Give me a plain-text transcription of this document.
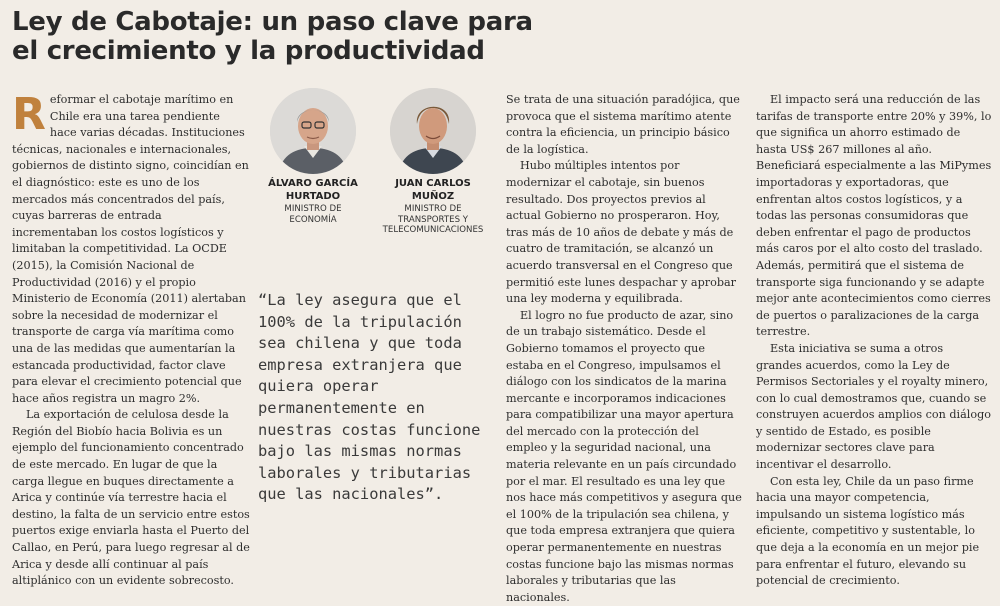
Ley de Cabotaje: un paso clave para
el crecimiento y la productividad

Reformar el cabotaje marítimo en Chile era una tarea pendiente hace varias décadas. Instituciones técnicas, nacionales e internacionales, gobiernos de distinto signo, coincidían en el diagnóstico: este es uno de los mercados más concentrados del país, cuyas barreras de entrada incrementaban los costos logísticos y limitaban la competitividad. La OCDE (2015), la Comisión Nacional de Productividad (2016) y el propio Ministerio de Economía (2011) alertaban sobre la necesidad de modernizar el transporte de carga vía marítima como una de las medidas que aumentarían la estancada productividad, factor clave para elevar el crecimiento potencial que hace años registra un magro 2%.

La exportación de celulosa desde la Región del Biobío hacia Bolivia es un ejemplo del funcionamiento concentrado de este mercado. En lugar de que la carga llegue en buques directamente a Arica y continúe vía terrestre hacia el destino, la falta de un servicio entre estos puertos exige enviarla hasta el Puerto del Callao, en Perú, para luego regresar al de Arica y desde allí continuar al país altiplánico con un evidente sobrecosto.

ÁLVARO GARCÍA
HURTADO
MINISTRO DE
ECONOMÍA
JUAN CARLOS
MUÑOZ
MINISTRO DE
TRANSPORTES Y
TELECOMUNICACIONES
“La ley asegura que el 100% de la tripulación sea chilena y que toda empresa extranjera que quiera operar permanentemente en nuestras costas funcione bajo las mismas normas laborales y tributarias que las nacionales”.

Se trata de una situación paradójica, que provoca que el sistema marítimo atente contra la eficiencia, un principio básico de la logística.

Hubo múltiples intentos por modernizar el cabotaje, sin buenos resultado. Dos proyectos previos al actual Gobierno no prosperaron. Hoy, tras más de 10 años de debate y más de cuatro de tramitación, se alcanzó un acuerdo transversal en el Congreso que permitió este lunes despachar y aprobar una ley moderna y equilibrada.

El logro no fue producto de azar, sino de un trabajo sistemático. Desde el Gobierno tomamos el proyecto que estaba en el Congreso, impulsamos el diálogo con los sindicatos de la marina mercante e incorporamos indicaciones para compatibilizar una mayor apertura del mercado con la protección del empleo y la seguridad nacional, una materia relevante en un país circundado por el mar. El resultado es una ley que nos hace más competitivos y asegura que el 100% de la tripulación sea chilena, y que toda empresa extranjera que quiera operar permanentemente en nuestras costas funcione bajo las mismas normas laborales y tributarias que las nacionales.

El impacto será una reducción de las tarifas de transporte entre 20% y 39%, lo que significa un ahorro estimado de hasta US$ 267 millones al año. Beneficiará especialmente a las MiPymes importadoras y exportadoras, que enfrentan altos costos logísticos, y a todas las personas consumidoras que deben enfrentar el pago de productos más caros por el alto costo del traslado. Además, permitirá que el sistema de transporte siga funcionando y se adapte mejor ante acontecimientos como cierres de puertos o paralizaciones de la carga terrestre.

Esta iniciativa se suma a otros grandes acuerdos, como la Ley de Permisos Sectoriales y el royalty minero, con lo cual demostramos que, cuando se construyen acuerdos amplios con diálogo y sentido de Estado, es posible modernizar sectores clave para incentivar el desarrollo.

Con esta ley, Chile da un paso firme hacia una mayor competencia, impulsando un sistema logístico más eficiente, competitivo y sustentable, lo que deja a la economía en un mejor pie para enfrentar el futuro, elevando su potencial de crecimiento.
